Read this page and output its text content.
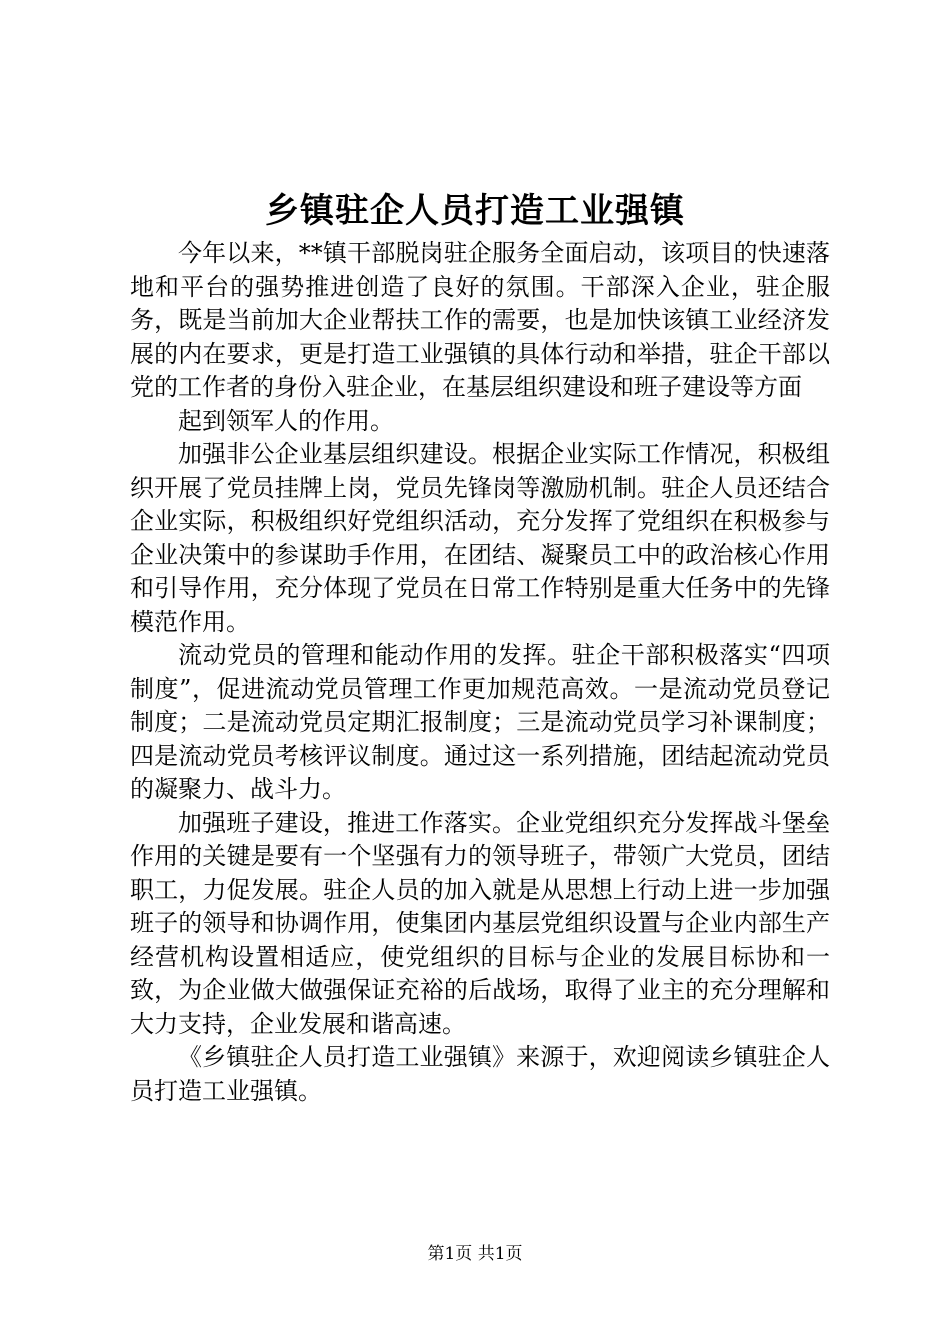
乡镇驻企人员打造工业强镇

今年以来，**镇干部脱岗驻企服务全面启动，该项目的快速落地和平台的强势推进创造了良好的氛围。干部深入企业，驻企服务，既是当前加大企业帮扶工作的需要，也是加快该镇工业经济发展的内在要求，更是打造工业强镇的具体行动和举措，驻企干部以党的工作者的身份入驻企业，在基层组织建设和班子建设等方面

起到领军人的作用。

加强非公企业基层组织建设。根据企业实际工作情况，积极组织开展了党员挂牌上岗，党员先锋岗等激励机制。驻企人员还结合企业实际，积极组织好党组织活动，充分发挥了党组织在积极参与企业决策中的参谋助手作用，在团结、凝聚员工中的政治核心作用和引导作用，充分体现了党员在日常工作特别是重大任务中的先锋模范作用。

流动党员的管理和能动作用的发挥。驻企干部积极落实“四项制度”，促进流动党员管理工作更加规范高效。一是流动党员登记制度；二是流动党员定期汇报制度；三是流动党员学习补课制度；四是流动党员考核评议制度。通过这一系列措施，团结起流动党员的凝聚力、战斗力。

加强班子建设，推进工作落实。企业党组织充分发挥战斗堡垒作用的关键是要有一个坚强有力的领导班子，带领广大党员，团结职工，力促发展。驻企人员的加入就是从思想上行动上进一步加强班子的领导和协调作用，使集团内基层党组织设置与企业内部生产经营机构设置相适应，使党组织的目标与企业的发展目标协和一致，为企业做大做强保证充裕的后战场，取得了业主的充分理解和大力支持，企业发展和谐高速。

《乡镇驻企人员打造工业强镇》来源于，欢迎阅读乡镇驻企人员打造工业强镇。

第1页 共1页
